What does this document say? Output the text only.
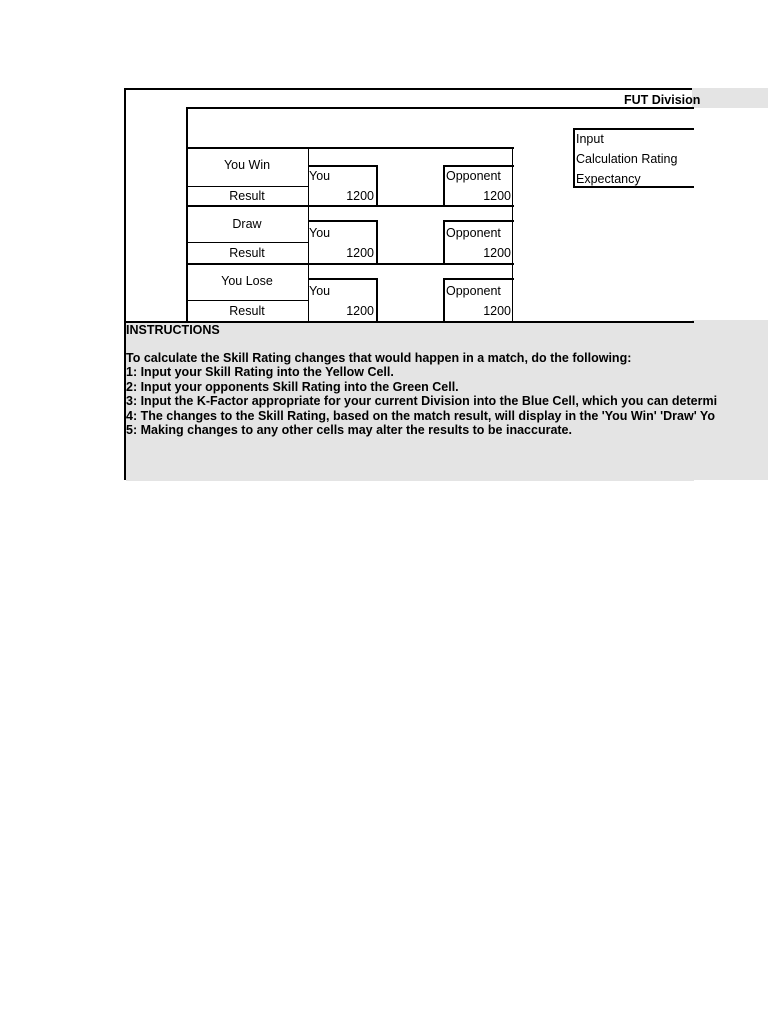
FUT Division
Input
Calculation Rating
Expectancy
You Win
Result
You
1200
Opponent
1200
Draw
Result
You
1200
Opponent
1200
You Lose
Result
You
1200
Opponent
1200
INSTRUCTIONS
To calculate the Skill Rating changes that would happen in a match, do the following:
1: Input your Skill Rating into the Yellow Cell.
2: Input your opponents Skill Rating into the Green Cell.
3: Input the K-Factor appropriate for your current Division into the Blue Cell, which you can determi
4: The changes to the Skill Rating, based on the match result, will display in the 'You Win' 'Draw' Yo
5: Making changes to any other cells may alter the results to be inaccurate.
